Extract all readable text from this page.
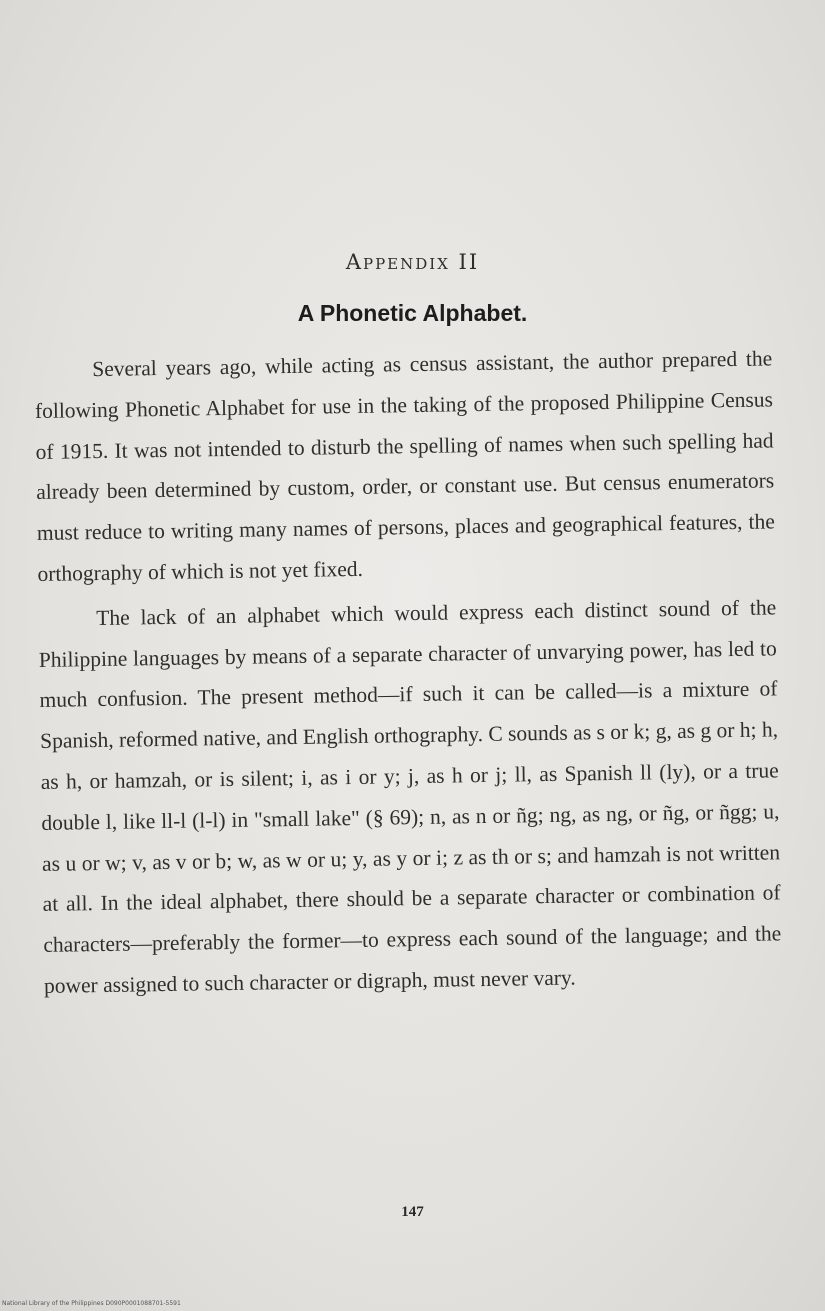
Appendix II
A Phonetic Alphabet.

Several years ago, while acting as census assistant, the author prepared the following Phonetic Alphabet for use in the taking of the proposed Philippine Census of 1915. It was not intended to disturb the spelling of names when such spelling had already been determined by custom, order, or constant use. But census enumerators must reduce to writing many names of persons, places and geographical features, the orthography of which is not yet fixed.

The lack of an alphabet which would express each distinct sound of the Philippine languages by means of a separate character of unvarying power, has led to much confusion. The present method—if such it can be called—is a mixture of Spanish, reformed native, and English orthography. C sounds as s or k; g, as g or h; h, as h, or hamzah, or is silent; i, as i or y; j, as h or j; ll, as Spanish ll (ly), or a true double l, like ll-l (l-l) in "small lake" (§ 69); n, as n or ñg; ng, as ng, or ñg, or ñgg; u, as u or w; v, as v or b; w, as w or u; y, as y or i; z as th or s; and hamzah is not written at all. In the ideal alphabet, there should be a separate character or combination of characters—preferably the former—to express each sound of the language; and the power assigned to such character or digraph, must never vary.

147
National Library of the Philippines D090P0001088701-5591
